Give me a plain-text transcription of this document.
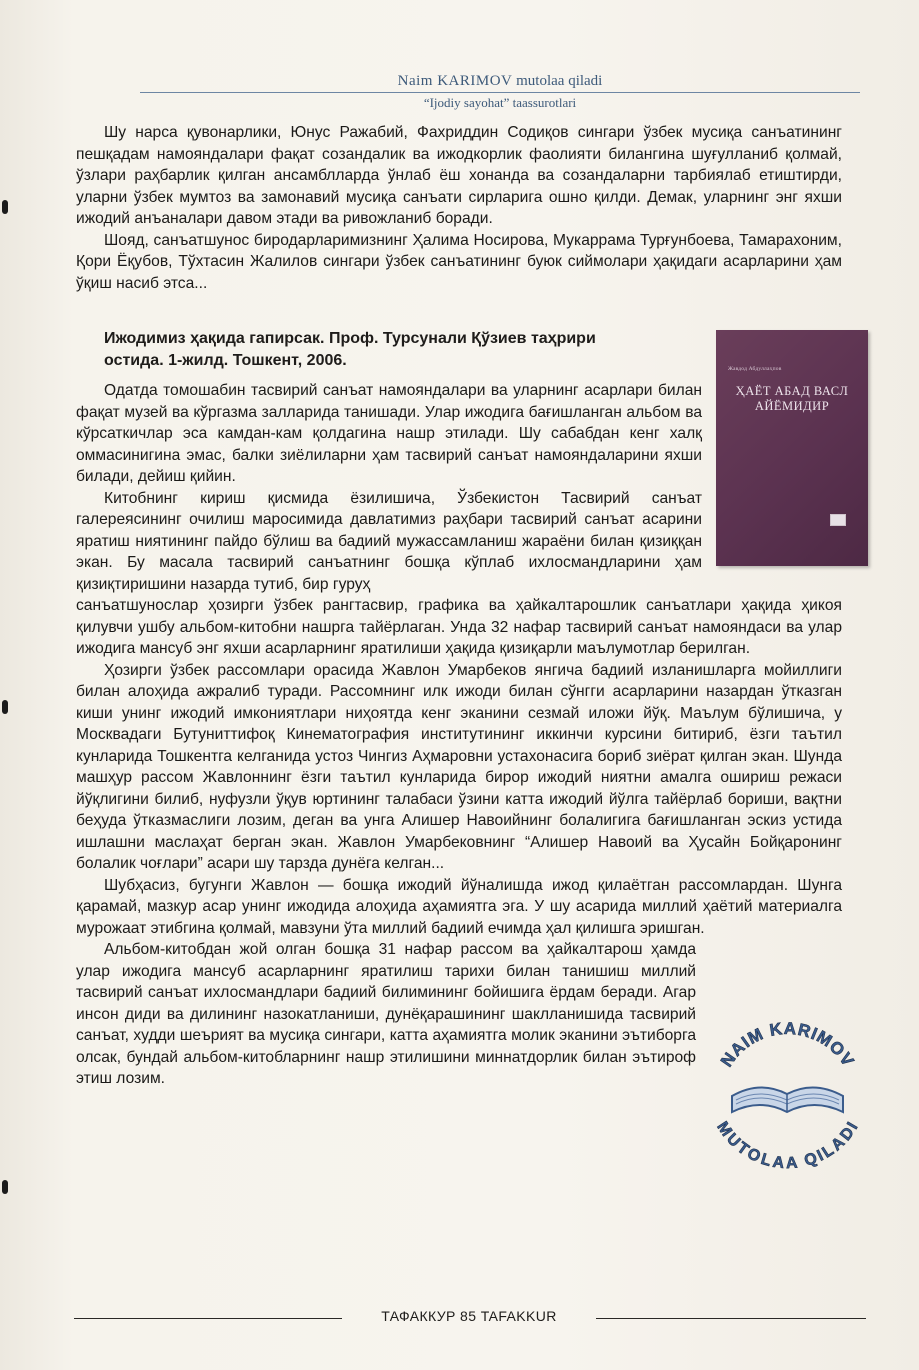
Naim KARIMOV mutolaa qiladi
“Ijodiy sayohat” taassurotlari

Шу нарса қувонарлики, Юнус Ражабий, Фахриддин Содиқов сингари ўзбек мусиқа санъатининг пешқадам намояндалари фақат созандалик ва ижодкорлик фаолияти билангина шуғулланиб қолмай, ўзлари раҳбарлик қилган ансамблларда ўнлаб ёш хонанда ва созандаларни тарбиялаб етиштирди, уларни ўзбек мумтоз ва замонавий мусиқа санъати сирларига ошно қилди. Демак, уларнинг энг яхши ижодий анъаналари давом этади ва ривожланиб боради.

Шояд, санъатшунос биродарларимизнинг Ҳалима Носирова, Мукаррама Турғунбоева, Тамарахоним, Қори Ёқубов, Тўхтасин Жалилов сингари ўзбек санъатининг буюк сиймолари ҳақидаги асарларини ҳам ўқиш насиб этса...

Ижодимиз ҳақида гапирсак. Проф. Турсунали Қўзиев таҳрири остида. 1-жилд. Тошкент, 2006.	Жавдод Абдуллаҳпов
ҲАЁТ АБАД ВАСЛ АЙЁМИДИР

Одатда томошабин тасвирий санъат намояндалари ва уларнинг асарлари билан фақат музей ва кўргазма залларида танишади. Улар ижодига бағишланган альбом ва кўрсаткичлар эса камдан-кам қолдагина нашр этилади. Шу сабабдан кенг халқ оммасинигина эмас, балки зиёлиларни ҳам тасвирий санъат намояндаларини яхши билади, дейиш қийин.

Китобнинг кириш қисмида ёзилишича, Ўзбекистон Тасвирий санъат галереясининг очилиш маросимида давлатимиз раҳбари тасвирий санъат асарини яратиш ниятининг пайдо бўлиш ва бадиий мужассамланиш жараёни билан қизиққан экан. Бу масала тасвирий санъатнинг бошқа кўплаб ихлосмандларини ҳам қизиқтиришини назарда тутиб, бир гуруҳ

санъатшунослар ҳозирги ўзбек рангтасвир, графика ва ҳайкалтарошлик санъатлари ҳақида ҳикоя қилувчи ушбу альбом-китобни нашрга тайёрлаган. Унда 32 нафар тасвирий санъат намояндаси ва улар ижодига мансуб энг яхши асарларнинг яратилиши ҳақида қизиқарли маълумотлар берилган.

Ҳозирги ўзбек рассомлари орасида Жавлон Умарбеков янгича бадиий изланишларга мойиллиги билан алоҳида ажралиб туради. Рассомнинг илк ижоди билан сўнгги асарларини назардан ўтказган киши унинг ижодий имкониятлари ниҳоятда кенг эканини сезмай иложи йўқ. Маълум бўлишича, у Москвадаги Бутуниттифоқ Кинематография институтининг иккинчи курсини битириб, ёзги таътил кунларида Тошкентга келганида устоз Чингиз Аҳмаровни устахонасига бориб зиёрат қилган экан. Шунда машҳур рассом Жавлоннинг ёзги таътил кунларида бирор ижодий ниятни амалга ошириш режаси йўқлигини билиб, нуфузли ўқув юртининг талабаси ўзини катта ижодий йўлга тайёрлаб бориши, вақтни беҳуда ўтказмаслиги лозим, деган ва унга Алишер Навоийнинг болалигига бағишланган эскиз устида ишлашни маслаҳат берган экан. Жавлон Умарбековнинг “Алишер Навоий ва Ҳусайн Бойқаронинг болалик чоғлари” асари шу тарзда дунёга келган...

Шубҳасиз, бугунги Жавлон — бошқа ижодий йўналишда ижод қилаётган рассомлардан. Шунга қарамай, мазкур асар унинг ижодида алоҳида аҳамиятга эга. У шу асарида миллий ҳаётий материалга мурожаат этибгина қолмай, мавзуни ўта миллий бадиий ечимда ҳал қилишга эришган.

Альбом-китобдан жой олган бошқа 31 нафар рассом ва ҳайкалтарош ҳамда улар ижодига мансуб асарларнинг яратилиш тарихи билан танишиш миллий тасвирий санъат ихлосмандлари бадиий билимининг бойишига ёрдам беради. Агар инсон диди ва дилининг назокатланиши, дунёқарашининг шаклланишида тасвирий санъат, худди шеърият ва мусиқа сингари, катта аҳамиятга молик эканини эътиборга олсак, бундай альбом-китобларнинг нашр этилишини миннатдорлик билан эътироф этиш лозим.

NAIM KARIMOV
MUTOLAA QILADI
ТАФАККУР 85 TAFAKKUR
